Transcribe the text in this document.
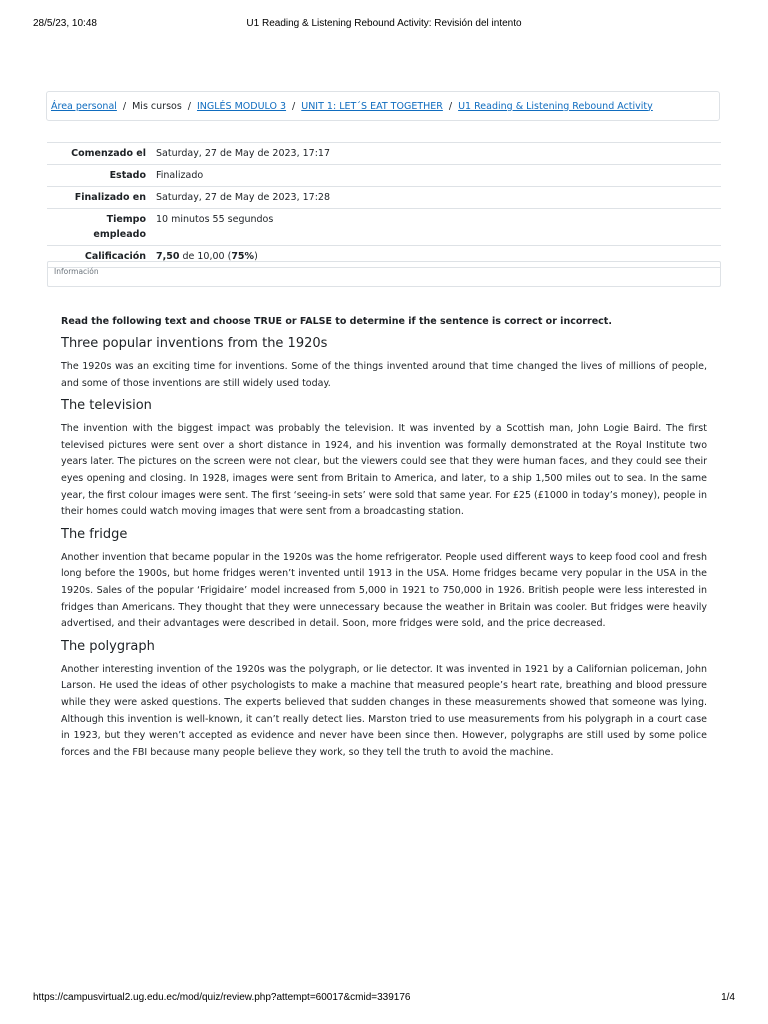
28/5/23, 10:48	U1 Reading & Listening Rebound Activity: Revisión del intento
Área personal / Mis cursos / INGLÉS MODULO 3 / UNIT 1: LET´S EAT TOGETHER / U1 Reading & Listening Rebound Activity
Comenzado el	Saturday, 27 de May de 2023, 17:17
Estado	Finalizado
Finalizado en	Saturday, 27 de May de 2023, 17:28
Tiempo empleado	10 minutos 55 segundos
Calificación	7,50 de 10,00 (75%)
Información

Read the following text and choose TRUE or FALSE to determine if the sentence is correct or incorrect.

Three popular inventions from the 1920s

The 1920s was an exciting time for inventions. Some of the things invented around that time changed the lives of millions of people, and some of those inventions are still widely used today.

The television

The invention with the biggest impact was probably the television. It was invented by a Scottish man, John Logie Baird. The first televised pictures were sent over a short distance in 1924, and his invention was formally demonstrated at the Royal Institute two years later. The pictures on the screen were not clear, but the viewers could see that they were human faces, and they could see their eyes opening and closing. In 1928, images were sent from Britain to America, and later, to a ship 1,500 miles out to sea. In the same year, the first colour images were sent. The first ‘seeing-in sets’ were sold that same year. For £25 (£1000 in today’s money), people in their homes could watch moving images that were sent from a broadcasting station.

The fridge

Another invention that became popular in the 1920s was the home refrigerator. People used different ways to keep food cool and fresh long before the 1900s, but home fridges weren’t invented until 1913 in the USA. Home fridges became very popular in the USA in the 1920s. Sales of the popular ‘Frigidaire’ model increased from 5,000 in 1921 to 750,000 in 1926. British people were less interested in fridges than Americans. They thought that they were unnecessary because the weather in Britain was cooler. But fridges were heavily advertised, and their advantages were described in detail. Soon, more fridges were sold, and the price decreased.

The polygraph

Another interesting invention of the 1920s was the polygraph, or lie detector. It was invented in 1921 by a Californian policeman, John Larson. He used the ideas of other psychologists to make a machine that measured people’s heart rate, breathing and blood pressure while they were asked questions. The experts believed that sudden changes in these measurements showed that someone was lying. Although this invention is well-known, it can’t really detect lies. Marston tried to use measurements from his polygraph in a court case in 1923, but they weren’t accepted as evidence and never have been since then. However, polygraphs are still used by some police forces and the FBI because many people believe they work, so they tell the truth to avoid the machine.

https://campusvirtual2.ug.edu.ec/mod/quiz/review.php?attempt=60017&cmid=339176	1/4
